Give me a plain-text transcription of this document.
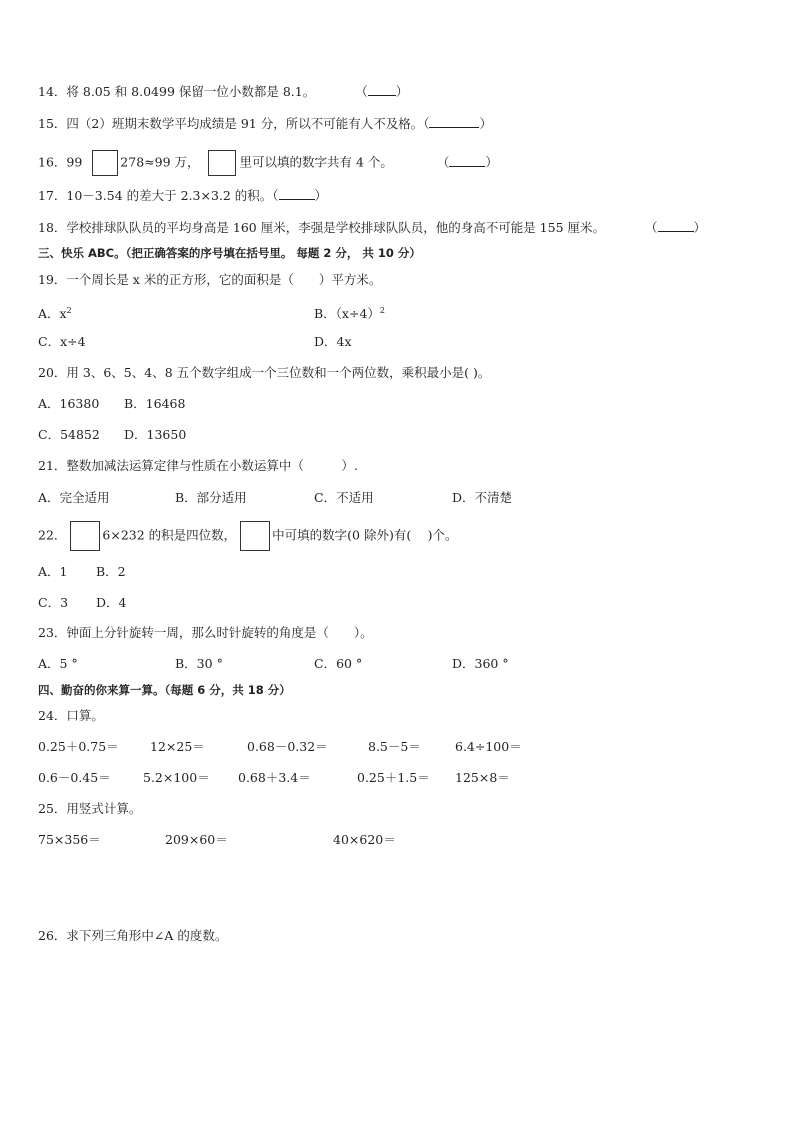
14．将 8.05 和 8.0499 保留一位小数都是 8.1。	（ ）
15．四（2）班期末数学平均成绩是 91 分，所以不可能有人不及格。（	）
16．99	278≈99 万，	里可以填的数字共有 4 个。	（	）
17．10－3.54 的差大于 2.3×3.2 的积。（	）
18．学校排球队队员的平均身高是 160 厘米，李强是学校排球队队员，他的身高不可能是 155 厘米。	（	）
三、快乐 ABC。（把正确答案的序号填在括号里。 每题 2 分， 共 10 分）
19．一个周长是 x 米的正方形，它的面积是（　　）平方米。
A．$x^2$	B．$(x\div 4)^2$
C．x÷4	D．4x
20．用 3、6、5、4、8 五个数字组成一个三位数和一个两位数，乘积最小是( )。
A．16380 B．16468
C．54852 D．13650
21．整数加减法运算定律与性质在小数运算中（　　　）.
A．完全适用	B．部分适用	C．不适用	D．不清楚
22．	6×232 的积是四位数，	中可填的数字(0 除外)有(　 )个。
A．1 B．2
C．3 D．4
23．钟面上分针旋转一周，那么时针旋转的角度是（　　）。
A．5 °	B．30 °	C．60 °	D．360 °
四、勤奋的你来算一算。（每题 6 分，共 18 分）
24．口算。
0.25＋0.75＝	12×25＝	0.68－0.32＝	8.5－5＝	6.4÷100＝
0.6－0.45＝	5.2×100＝ 0.68＋3.4＝	0.25＋1.5＝ 125×8＝
25．用竖式计算。
75×356＝	209×60＝	40×620＝
26．求下列三角形中∠A 的度数。
